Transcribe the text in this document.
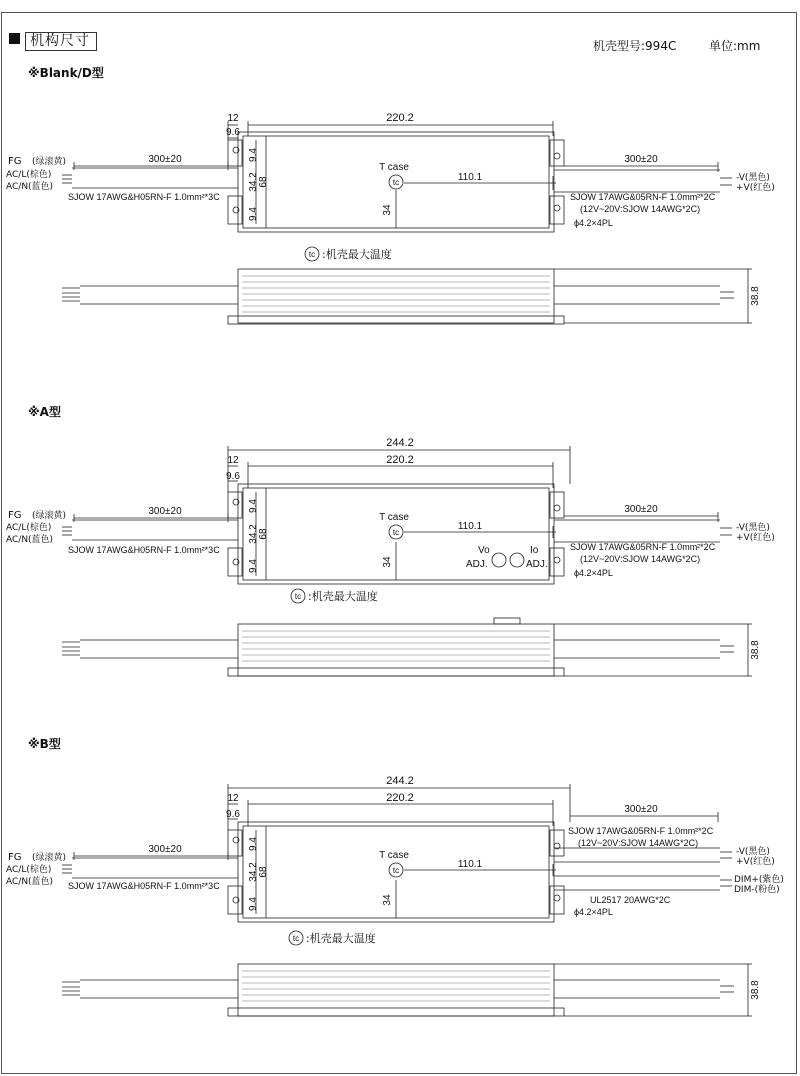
机构尺寸	机壳型号:994C	单位:mm
※Blank/D型
220.2
12
9.6
9.4
9.4
34.2 68
34
110.1
T case
tc
300±20	300±20
FG (绿滚黄)
AC/L(棕色)
AC/N(蓝色)
SJOW 17AWG&H05RN-F 1.0mm²*3C	SJOW 17AWG&05RN-F 1.0mm²*2C
(12V~20V:SJOW 14AWG*2C)
ϕ4.2×4PL
-V(黑色)
+V(红色)
tc :机壳最大温度
38.8
※A型
244.2
220.2
12
9.6
9.4
9.4
34.2 68
34
110.1
T case
tc
Vo
ADJ.
Io
ADJ.
300±20	300±20
FG (绿滚黄)
AC/L(棕色)
AC/N(蓝色)
SJOW 17AWG&H05RN-F 1.0mm²*3C	SJOW 17AWG&05RN-F 1.0mm²*2C
(12V~20V:SJOW 14AWG*2C)
ϕ4.2×4PL
-V(黑色)
+V(红色)
tc :机壳最大温度
38.8
※B型
244.2
220.2
12
9.6
9.4
9.4
34.2 68
34
110.1
T case
tc
300±20
300±20
SJOW 17AWG&05RN-F 1.0mm²*2C
(12V~20V:SJOW 14AWG*2C)
FG (绿滚黄)
AC/L(棕色)
AC/N(蓝色) SJOW 17AWG&H05RN-F 1.0mm²*3C
UL2517 20AWG*2C
ϕ4.2×4PL
-V(黑色)
+V(红色)
DIM+(紫色)
DIM-(粉色)
tc :机壳最大温度
38.8
